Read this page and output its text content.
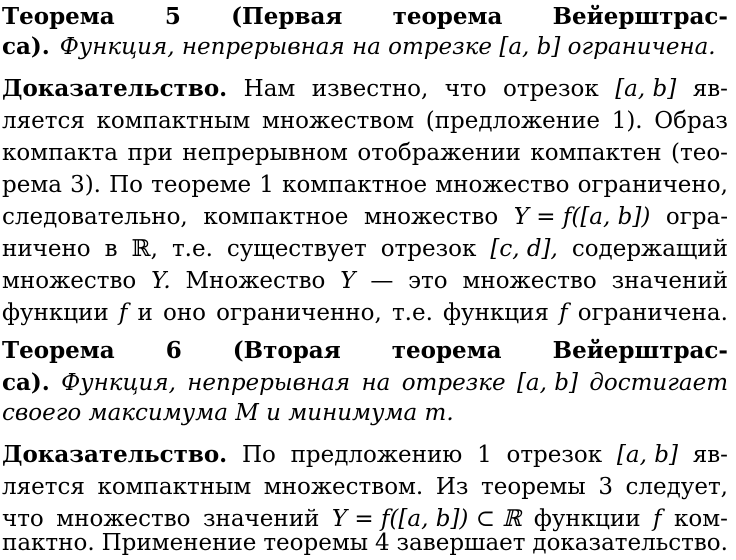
Теорема 5 (Первая теорема Вейерштрас-
са). Функция, непрерывная на отрезке [a, b] ограничена.
Доказательство. Нам известно, что отрезок [a, b] яв-
ляется компактным множеством (предложение 1). Образ
компакта при непрерывном отображении компактен (тео-
рема 3). По теореме 1 компактное множество ограничено,
следовательно, компактное множество Y = f([a, b]) огра-
ничено в ℝ, т.е. существует отрезок [c, d], содержащий
множество Y. Множество Y — это множество значений
функции f и оно ограниченно, т.е. функция f ограничена.
Теорема 6 (Вторая теорема Вейерштрас-
са). Функция, непрерывная на отрезке [a, b] достигает
своего максимума M и минимума m.
Доказательство. По предложению 1 отрезок [a, b] яв-
ляется компактным множеством. Из теоремы 3 следует,
что множество значений Y = f([a, b]) ⊂ ℝ функции f ком-
пактно. Применение теоремы 4 завершает доказательство.
